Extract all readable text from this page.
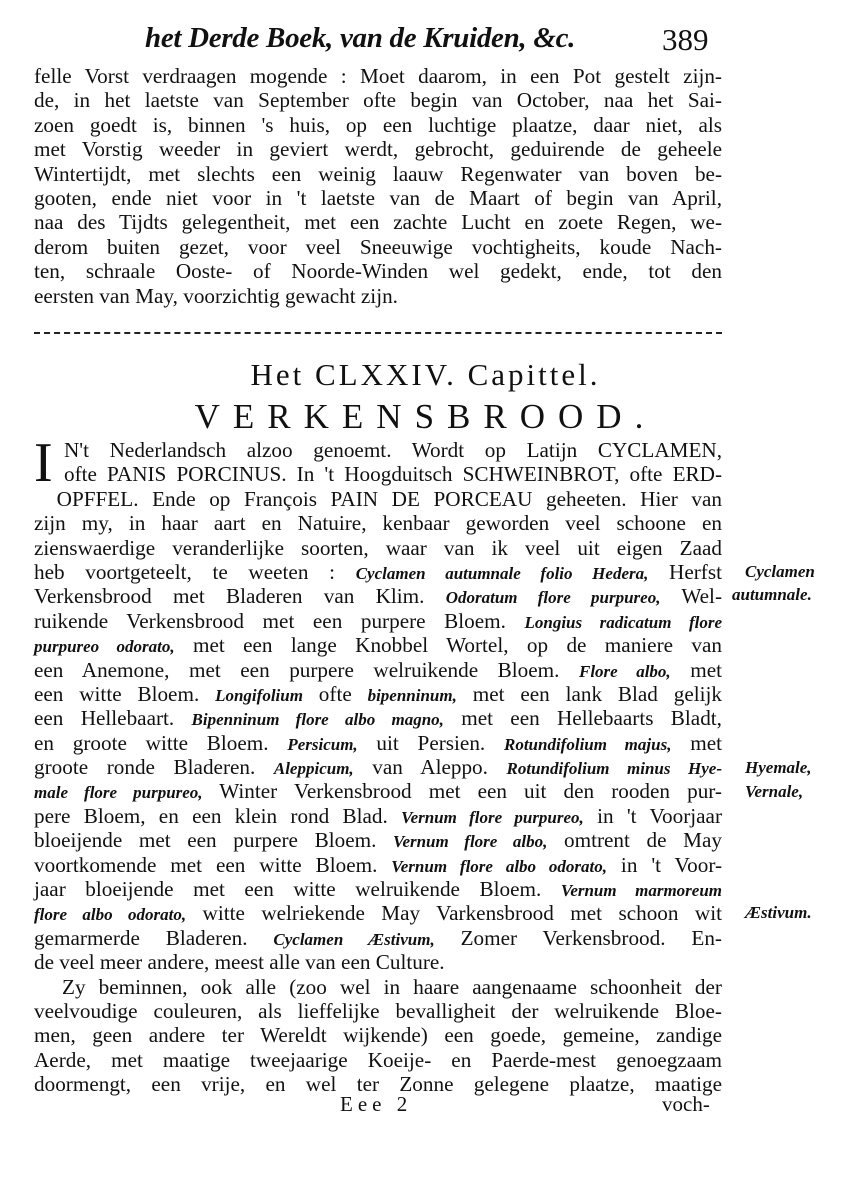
het Derde Boek, van de Kruiden, &c.	389
felle Vorst verdraagen mogende : Moet daarom, in een Pot gestelt zijn-
de, in het laetste van September ofte begin van October, naa het Sai-
zoen goedt is, binnen 's huis, op een luchtige plaatze, daar niet, als
met Vorstig weeder in geviert werdt, gebrocht, geduirende de geheele
Wintertijdt, met slechts een weinig laauw Regenwater van boven be-
gooten, ende niet voor in 't laetste van de Maart of begin van April,
naa des Tijdts gelegentheit, met een zachte Lucht en zoete Regen, we-
derom buiten gezet, voor veel Sneeuwige vochtigheits, koude Nach-
ten, schraale Ooste- of Noorde-Winden wel gedekt, ende, tot den
eersten van May, voorzichtig gewacht zijn.
Het CLXXIV. Capittel.
VERKENSBROOD.
I N't Nederlandsch alzoo genoemt. Wordt op Latijn CYCLAMEN,
ofte PANIS PORCINUS. In 't Hoogduitsch SCHWEINBROT, ofte ERD-
OPFFEL. Ende op François PAIN DE PORCEAU geheeten. Hier van
zijn my, in haar aart en Natuire, kenbaar geworden veel schoone en
zienswaerdige veranderlijke soorten, waar van ik veel uit eigen Zaad
heb voortgeteelt, te weeten : Cyclamen autumnale folio Hedera, Herfst
Verkensbrood met Bladeren van Klim. Odoratum flore purpureo, Wel-
ruikende Verkensbrood met een purpere Bloem. Longius radicatum flore
purpureo odorato, met een lange Knobbel Wortel, op de maniere van
een Anemone, met een purpere welruikende Bloem. Flore albo, met
een witte Bloem. Longifolium ofte bipenninum, met een lank Blad gelijk
een Hellebaart. Bipenninum flore albo magno, met een Hellebaarts Bladt,
en groote witte Bloem. Persicum, uit Persien. Rotundifolium majus, met
groote ronde Bladeren. Aleppicum, van Aleppo. Rotundifolium minus Hye-
male flore purpureo, Winter Verkensbrood met een uit den rooden pur-
pere Bloem, en een klein rond Blad. Vernum flore purpureo, in 't Voorjaar
bloeijende met een purpere Bloem. Vernum flore albo, omtrent de May
voortkomende met een witte Bloem. Vernum flore albo odorato, in 't Voor-
jaar bloeijende met een witte welruikende Bloem. Vernum marmoreum
flore albo odorato, witte welriekende May Varkensbrood met schoon wit
gemarmerde Bladeren. Cyclamen Æstivum, Zomer Verkensbrood. En-
de veel meer andere, meest alle van een Culture.
Zy beminnen, ook alle (zoo wel in haare aangenaame schoonheit der
veelvoudige couleuren, als lieffelijke bevalligheit der welruikende Bloe-
men, geen andere ter Wereldt wijkende) een goede, gemeine, zandige
Aerde, met maatige tweejaarige Koeije- en Paerde-mest genoegzaam
doormengt, een vrije, en wel ter Zonne gelegene plaatze, maatige
Cyclamen
autumnale.
Hyemale,
Vernale,
Æstivum.
Eee 2	voch-
